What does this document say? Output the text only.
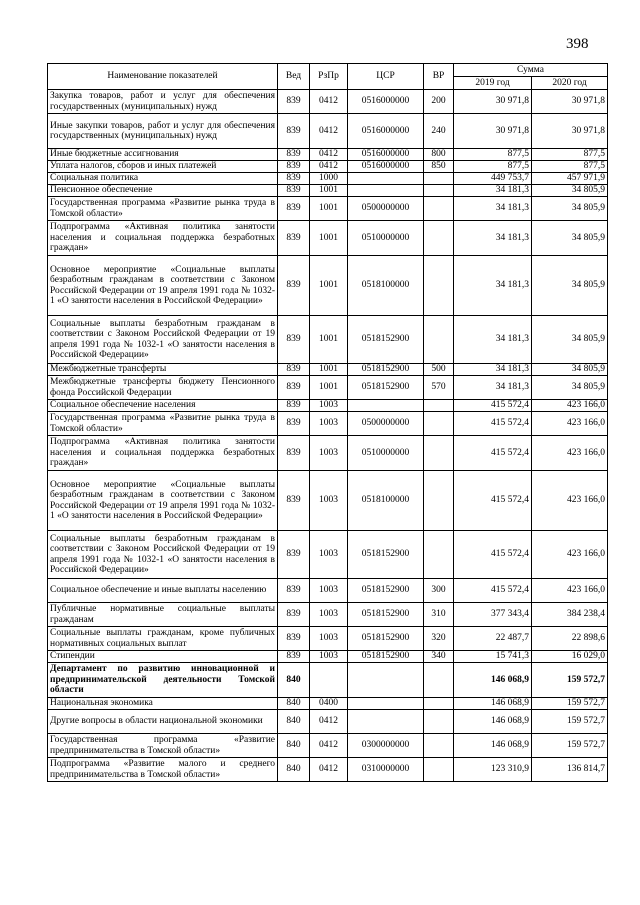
398
Наименование показателей	Вед	РзПр	ЦСР	ВР	Сумма	
					2019 год	2020 год
Закупка товаров, работ и услуг для обеспечения государственных (муниципальных) нужд	839	0412	0516000000	200	30 971,8	30 971,8
Иные закупки товаров, работ и услуг для обеспечения государственных (муниципальных) нужд	839	0412	0516000000	240	30 971,8	30 971,8
Иные бюджетные ассигнования	839	0412	0516000000	800	877,5	877,5
Уплата налогов, сборов и иных платежей	839	0412	0516000000	850	877,5	877,5
Социальная политика	839	1000			449 753,7	457 971,9
Пенсионное обеспечение	839	1001			34 181,3	34 805,9
Государственная программа «Развитие рынка труда в Томской области»	839	1001	0500000000		34 181,3	34 805,9
Подпрограмма «Активная политика занятости населения и социальная поддержка безработных граждан»	839	1001	0510000000		34 181,3	34 805,9
Основное мероприятие «Социальные выплаты безработным гражданам в соответствии с Законом Российской Федерации от 19 апреля 1991 года № 1032-1 «О занятости населения в Российской Федерации»	839	1001	0518100000		34 181,3	34 805,9
Социальные выплаты безработным гражданам в соответствии с Законом Российской Федерации от 19 апреля 1991 года № 1032-1 «О занятости населения в Российской Федерации»	839	1001	0518152900		34 181,3	34 805,9
Межбюджетные трансферты	839	1001	0518152900	500	34 181,3	34 805,9
Межбюджетные трансферты бюджету Пенсионного фонда Российской Федерации	839	1001	0518152900	570	34 181,3	34 805,9
Социальное обеспечение населения	839	1003			415 572,4	423 166,0
Государственная программа «Развитие рынка труда в Томской области»	839	1003	0500000000		415 572,4	423 166,0
Подпрограмма «Активная политика занятости населения и социальная поддержка безработных граждан»	839	1003	0510000000		415 572,4	423 166,0
Основное мероприятие «Социальные выплаты безработным гражданам в соответствии с Законом Российской Федерации от 19 апреля 1991 года № 1032-1 «О занятости населения в Российской Федерации»	839	1003	0518100000		415 572,4	423 166,0
Социальные выплаты безработным гражданам в соответствии с Законом Российской Федерации от 19 апреля 1991 года № 1032-1 «О занятости населения в Российской Федерации»	839	1003	0518152900		415 572,4	423 166,0
Социальное обеспечение и иные выплаты населению	839	1003	0518152900	300	415 572,4	423 166,0
Публичные нормативные социальные выплаты гражданам	839	1003	0518152900	310	377 343,4	384 238,4
Социальные выплаты гражданам, кроме публичных нормативных социальных выплат	839	1003	0518152900	320	22 487,7	22 898,6
Стипендии	839	1003	0518152900	340	15 741,3	16 029,0
Департамент по развитию инновационной и предпринимательской деятельности Томской области	840				146 068,9	159 572,7
Национальная экономика	840	0400			146 068,9	159 572,7
Другие вопросы в области национальной экономики	840	0412			146 068,9	159 572,7
Государственная программа «Развитие предпринимательства в Томской области»	840	0412	0300000000		146 068,9	159 572,7
Подпрограмма «Развитие малого и среднего предпринимательства в Томской области»	840	0412	0310000000		123 310,9	136 814,7
